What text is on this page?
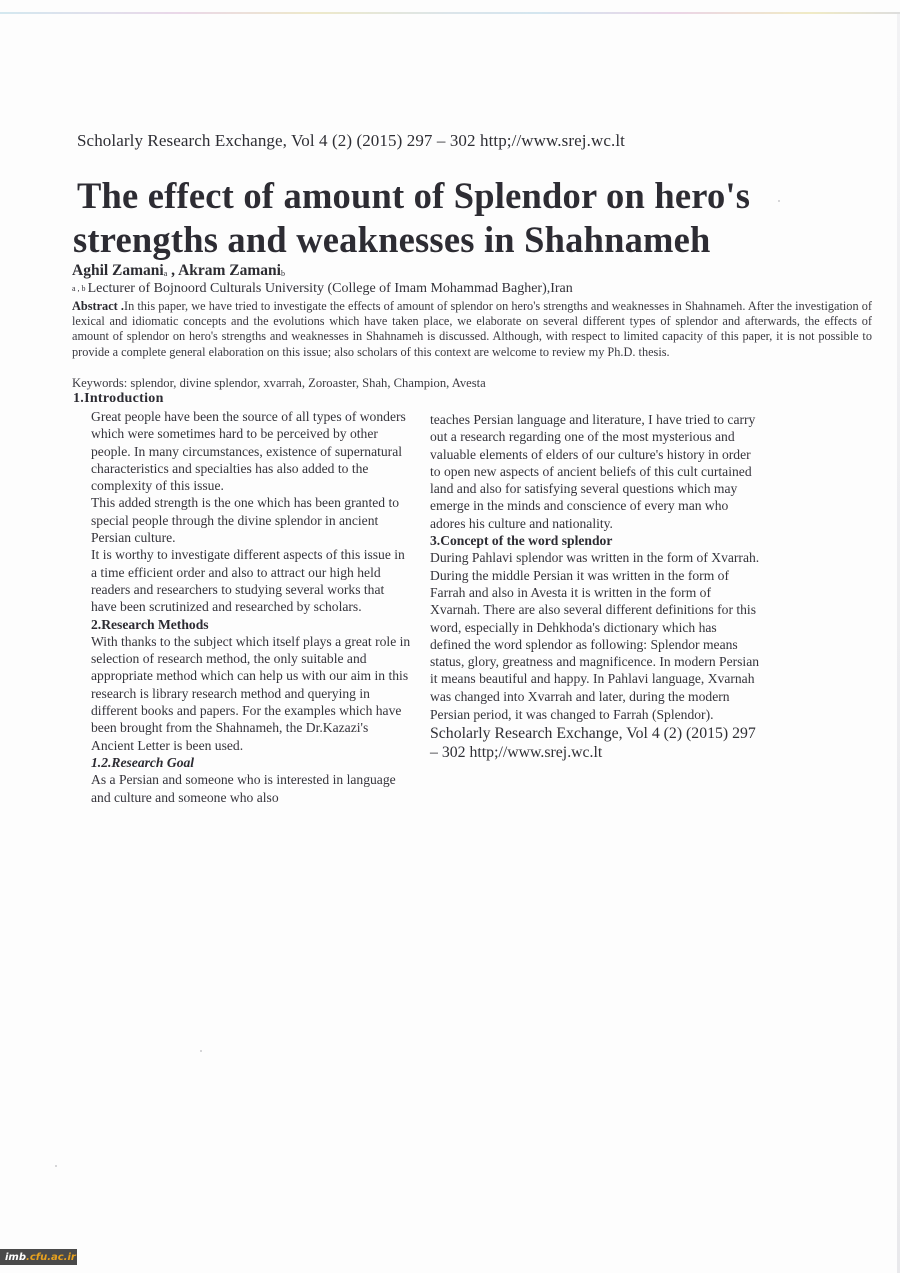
Scholarly Research Exchange, Vol 4 (2) (2015) 297 – 302 http;//www.srej.wc.lt
The effect of amount of Splendor on hero's
strengths and weaknesses in Shahnameh
Aghil Zamani$_a$ , Akram Zamani$_b$
a , b Lecturer of Bojnoord Culturals University (College of Imam Mohammad Bagher),Iran

Abstract .In this paper, we have tried to investigate the effects of amount of splendor on hero's strengths and weaknesses in Shahnameh. After the investigation of lexical and idiomatic concepts and the evolutions which have taken place, we elaborate on several different types of splendor and afterwards, the effects of amount of splendor on hero's strengths and weaknesses in Shahnameh is discussed. Although, with respect to limited capacity of this paper, it is not possible to provide a complete general elaboration on this issue; also scholars of this context are welcome to review my Ph.D. thesis.

Keywords: splendor, divine splendor, xvarrah, Zoroaster, Shah, Champion, Avesta
1.Introduction

Great people have been the source of all types of wonders which were sometimes hard to be perceived by other people. In many circumstances, existence of supernatural characteristics and specialties has also added to the complexity of this issue.

This added strength is the one which has been granted to special people through the divine splendor in ancient Persian culture.

It is worthy to investigate different aspects of this issue in a time efficient order and also to attract our high held readers and researchers to studying several works that have been scrutinized and researched by scholars.

2.Research Methods

With thanks to the subject which itself plays a great role in selection of research method, the only suitable and appropriate method which can help us with our aim in this research is library research method and querying in different books and papers. For the examples which have been brought from the Shahnameh, the Dr.Kazazi's Ancient Letter is been used.

1.2.Research Goal

As a Persian and someone who is interested in language and culture and someone who also

teaches Persian language and literature, I have tried to carry out a research regarding one of the most mysterious and valuable elements of elders of our culture's history in order to open new aspects of ancient beliefs of this cult curtained land and also for satisfying several questions which may emerge in the minds and conscience of every man who adores his culture and nationality.

3.Concept of the word splendor

During Pahlavi splendor was written in the form of Xvarrah. During the middle Persian it was written in the form of Farrah and also in Avesta it is written in the form of Xvarnah. There are also several different definitions for this word, especially in Dehkhoda's dictionary which has defined the word splendor as following: Splendor means status, glory, greatness and magnificence. In modern Persian it means beautiful and happy. In Pahlavi language, Xvarnah was changed into Xvarrah and later, during the modern Persian period, it was changed to Farrah (Splendor). Scholarly Research Exchange, Vol 4 (2) (2015) 297 – 302 http;//www.srej.wc.lt

imb .cfu.ac.ir
